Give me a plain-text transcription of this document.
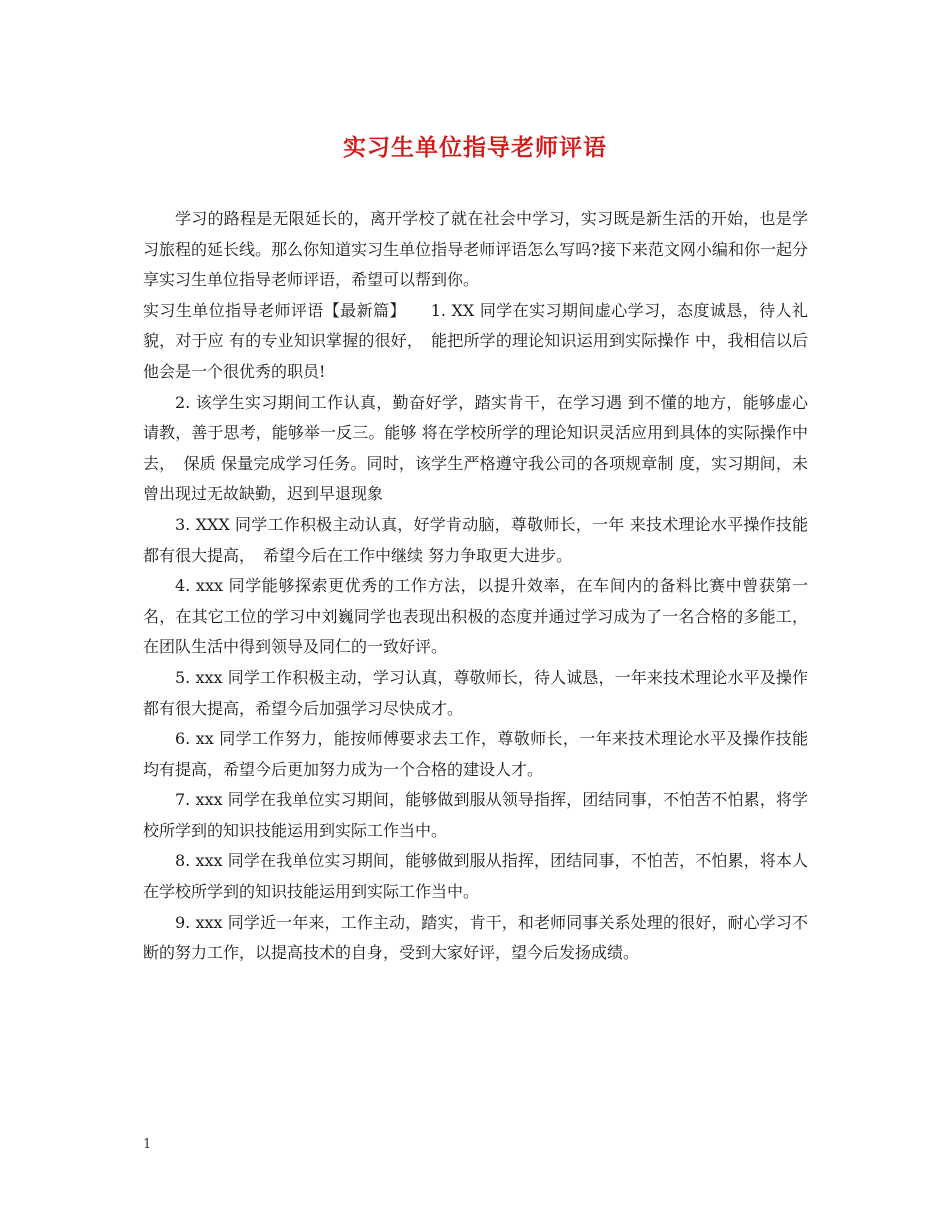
实习生单位指导老师评语

学习的路程是无限延长的，离开学校了就在社会中学习，实习既是新生活的开始，也是学习旅程的延长线。那么你知道实习生单位指导老师评语怎么写吗?接下来范文网小编和你一起分享实习生单位指导老师评语，希望可以帮到你。

实习生单位指导老师评语【最新篇】　　1. XX 同学在实习期间虚心学习，态度诚恳，待人礼貌，对于应 有的专业知识掌握的很好，　能把所学的理论知识运用到实际操作 中，我相信以后他会是一个很优秀的职员!

2. 该学生实习期间工作认真，勤奋好学，踏实肯干，在学习遇 到不懂的地方，能够虚心请教，善于思考，能够举一反三。能够 将在学校所学的理论知识灵活应用到具体的实际操作中去，　保质 保量完成学习任务。同时，该学生严格遵守我公司的各项规章制 度，实习期间，未曾出现过无故缺勤，迟到早退现象

3. XXX 同学工作积极主动认真，好学肯动脑，尊敬师长，一年 来技术理论水平操作技能都有很大提高，　希望今后在工作中继续 努力争取更大进步。

4. xxx 同学能够探索更优秀的工作方法，以提升效率，在车间内的备料比赛中曾获第一名，在其它工位的学习中刘巍同学也表现出积极的态度并通过学习成为了一名合格的多能工，在团队生活中得到领导及同仁的一致好评。

5. xxx 同学工作积极主动，学习认真，尊敬师长，待人诚恳，一年来技术理论水平及操作都有很大提高，希望今后加强学习尽快成才。

6. xx 同学工作努力，能按师傅要求去工作，尊敬师长，一年来技术理论水平及操作技能均有提高，希望今后更加努力成为一个合格的建设人才。

7. xxx 同学在我单位实习期间，能够做到服从领导指挥，团结同事，不怕苦不怕累，将学校所学到的知识技能运用到实际工作当中。

8. xxx 同学在我单位实习期间，能够做到服从指挥，团结同事，不怕苦，不怕累，将本人在学校所学到的知识技能运用到实际工作当中。

9. xxx 同学近一年来，工作主动，踏实，肯干，和老师同事关系处理的很好，耐心学习不断的努力工作，以提高技术的自身，受到大家好评，望今后发扬成绩。

1
